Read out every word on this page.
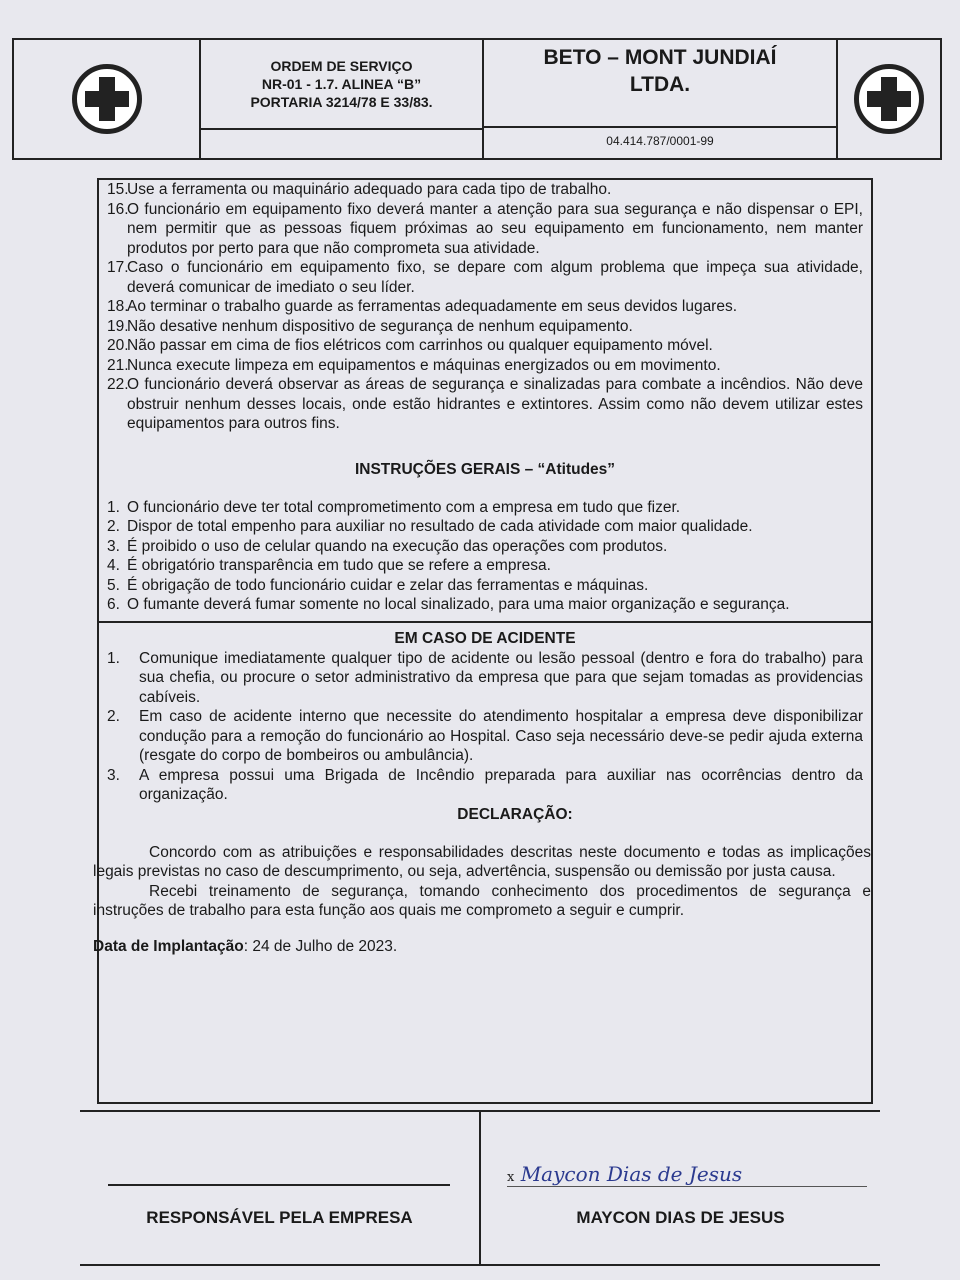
ORDEM DE SERVIÇO
NR-01 - 1.7. ALINEA “B”
PORTARIA 3214/78 E 33/83.
BETO – MONT JUNDIAÍ
LTDA.
04.414.787/0001-99
15.
Use a ferramenta ou maquinário adequado para cada tipo de trabalho.
16.
O funcionário em equipamento fixo deverá manter a atenção para sua segurança e não dispensar o EPI, nem permitir que as pessoas fiquem próximas ao seu equipamento em funcionamento, nem manter produtos por perto para que não comprometa sua atividade.
17.
Caso o funcionário em equipamento fixo, se depare com algum problema que impeça sua atividade, deverá comunicar de imediato o seu líder.
18.
Ao terminar o trabalho guarde as ferramentas adequadamente em seus devidos lugares.
19.
Não desative nenhum dispositivo de segurança de nenhum equipamento.
20.
Não passar em cima de fios elétricos com carrinhos ou qualquer equipamento móvel.
21.
Nunca execute limpeza em equipamentos e máquinas energizados ou em movimento.
22.
O funcionário deverá observar as áreas de segurança e sinalizadas para combate a incêndios. Não deve obstruir nenhum desses locais, onde estão hidrantes e extintores. Assim como não devem utilizar estes equipamentos para outros fins.
INSTRUÇÕES GERAIS – “Atitudes”
1. O funcionário deve ter total comprometimento com a empresa em tudo que fizer.
2. Dispor de total empenho para auxiliar no resultado de cada atividade com maior qualidade.
3. É proibido o uso de celular quando na execução das operações com produtos.
4. É obrigatório transparência em tudo que se refere a empresa.
5. É obrigação de todo funcionário cuidar e zelar das ferramentas e máquinas.
6. O fumante deverá fumar somente no local sinalizado, para uma maior organização e segurança.
EM CASO DE ACIDENTE
1.	Comunique imediatamente qualquer tipo de acidente ou lesão pessoal (dentro e fora do trabalho) para sua chefia, ou procure o setor administrativo da empresa que para que sejam tomadas as providencias cabíveis.
2.	Em caso de acidente interno que necessite do atendimento hospitalar a empresa deve disponibilizar condução para a remoção do funcionário ao Hospital. Caso seja necessário deve-se pedir ajuda externa (resgate do corpo de bombeiros ou ambulância).
3.	A empresa possui uma Brigada de Incêndio preparada para auxiliar nas ocorrências dentro da organização.
DECLARAÇÃO:

Concordo com as atribuições e responsabilidades descritas neste documento e todas as implicações legais previstas no caso de descumprimento, ou seja, advertência, suspensão ou demissão por justa causa.

Recebi treinamento de segurança, tomando conhecimento dos procedimentos de segurança e instruções de trabalho para esta função aos quais me comprometo a seguir e cumprir.

Data de Implantação: 24 de Julho de 2023.

RESPONSÁVEL PELA EMPRESA
x Maycon Dias de Jesus
MAYCON DIAS DE JESUS
